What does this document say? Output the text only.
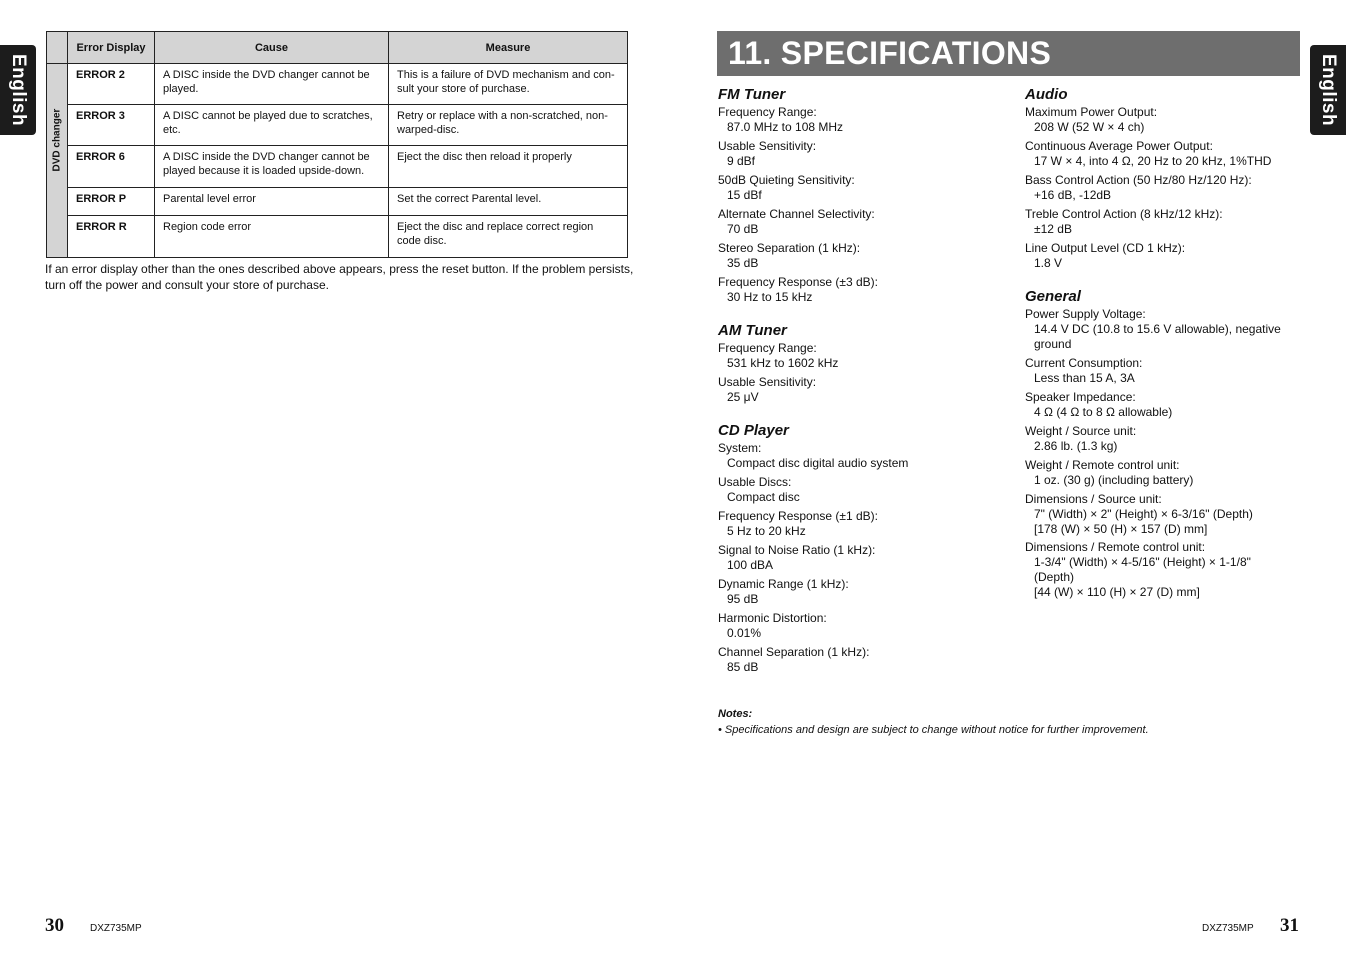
English	English
	Error Display	Cause	Measure

DVD changer	ERROR 2	A DISC inside the DVD changer cannot be played.	This is a failure of DVD mechanism and con-sult your store of purchase.
	ERROR 3	A DISC cannot be played due to scratches, etc.	Retry or replace with a non-scratched, non-warped-disc.
	ERROR 6	A DISC inside the DVD changer cannot be played because it is loaded upside-down.	Eject the disc then reload it properly
	ERROR P	Parental level error	Set the correct Parental level.
	ERROR R	Region code error	Eject the disc and replace correct region code disc.
If an error display other than the ones described above appears, press the reset button. If the problem persists, turn off the power and consult your store of purchase.
11. SPECIFICATIONS
FM Tuner
Frequency Range:
87.0 MHz to 108 MHz
Usable Sensitivity:
9 dBf
50dB Quieting Sensitivity:
15 dBf
Alternate Channel Selectivity:
70 dB
Stereo Separation (1 kHz):
35 dB
Frequency Response (±3 dB):
30 Hz to 15 kHz
AM Tuner
Frequency Range:
531 kHz to 1602 kHz
Usable Sensitivity:
25 μV
CD Player
System:
Compact disc digital audio system
Usable Discs:
Compact disc
Frequency Response (±1 dB):
5 Hz to 20 kHz
Signal to Noise Ratio (1 kHz):
100 dBA
Dynamic Range (1 kHz):
95 dB
Harmonic Distortion:
0.01%
Channel Separation (1 kHz):
85 dB
Audio
Maximum Power Output:
208 W (52 W × 4 ch)
Continuous Average Power Output:
17 W × 4, into 4 Ω, 20 Hz to 20 kHz, 1%THD
Bass Control Action (50 Hz/80 Hz/120 Hz):
+16 dB, -12dB
Treble Control Action (8 kHz/12 kHz):
±12 dB
Line Output Level (CD 1 kHz):
1.8 V
General
Power Supply Voltage:
14.4 V DC (10.8 to 15.6 V allowable), negative ground
Current Consumption:
Less than 15 A, 3A
Speaker Impedance:
4 Ω (4 Ω to 8 Ω allowable)
Weight / Source unit:
2.86 lb. (1.3 kg)
Weight / Remote control unit:
1 oz. (30 g) (including battery)
Dimensions / Source unit:
7" (Width) × 2" (Height) × 6-3/16" (Depth)
[178 (W) × 50 (H) × 157 (D) mm]
Dimensions / Remote control unit:
1-3/4" (Width) × 4-5/16" (Height) × 1-1/8" (Depth)
[44 (W) × 110 (H) × 27 (D) mm]
Notes:
• Specifications and design are subject to change without notice for further improvement.
30	DXZ735MP	DXZ735MP 31
